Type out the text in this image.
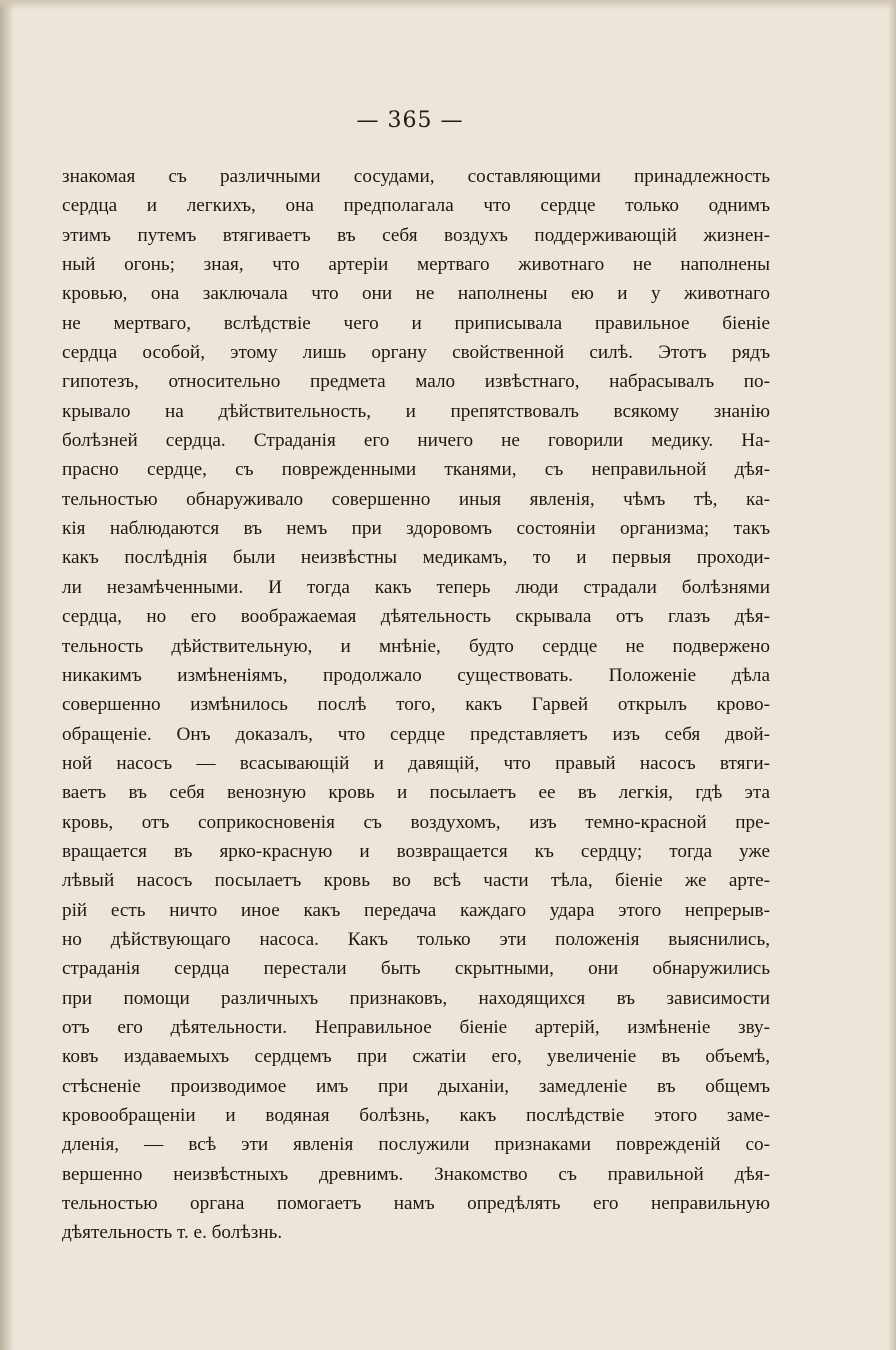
— 365 —
знакомая съ различными сосудами, составляющими принадлежность
сердца и легкихъ, она предполагала что сердце только однимъ
этимъ путемъ втягиваетъ въ себя воздухъ поддерживающій жизнен-
ный огонь; зная, что артеріи мертваго животнаго не наполнены
кровью, она заключала что они не наполнены ею и у животнаго
не мертваго, вслѣдствіе чего и приписывала правильное біеніе
сердца особой, этому лишь органу свойственной силѣ. Этотъ рядъ
гипотезъ, относительно предмета мало извѣстнаго, набрасывалъ по-
крывало на дѣйствительность, и препятствовалъ всякому знанію
болѣзней сердца. Страданія его ничего не говорили медику. На-
прасно сердце, съ поврежденными тканями, съ неправильной дѣя-
тельностью обнаруживало совершенно иныя явленія, чѣмъ тѣ, ка-
кія наблюдаются въ немъ при здоровомъ состояніи организма; такъ
какъ послѣднія были неизвѣстны медикамъ, то и первыя проходи-
ли незамѣченными. И тогда какъ теперь люди страдали болѣзнями
сердца, но его воображаемая дѣятельность скрывала отъ глазъ дѣя-
тельность дѣйствительную, и мнѣніе, будто сердце не подвержено
никакимъ измѣненіямъ, продолжало существовать. Положеніе дѣла
совершенно измѣнилось послѣ того, какъ Гарвей открылъ крово-
обращеніе. Онъ доказалъ, что сердце представляетъ изъ себя двой-
ной насосъ — всасывающій и давящій, что правый насосъ втяги-
ваетъ въ себя венозную кровь и посылаетъ ее въ легкія, гдѣ эта
кровь, отъ соприкосновенія съ воздухомъ, изъ темно-красной пре-
вращается въ ярко-красную и возвращается къ сердцу; тогда уже
лѣвый насосъ посылаетъ кровь во всѣ части тѣла, біеніе же арте-
рій есть ничто иное какъ передача каждаго удара этого непрерыв-
но дѣйствующаго насоса. Какъ только эти положенія выяснились,
страданія сердца перестали быть скрытными, они обнаружились
при помощи различныхъ признаковъ, находящихся въ зависимости
отъ его дѣятельности. Неправильное біеніе артерій, измѣненіе зву-
ковъ издаваемыхъ сердцемъ при сжатіи его, увеличеніе въ объемѣ,
стѣсненіе производимое имъ при дыханіи, замедленіе въ общемъ
кровообращеніи и водяная болѣзнь, какъ послѣдствіе этого заме-
дленія, — всѣ эти явленія послужили признаками поврежденій со-
вершенно неизвѣстныхъ древнимъ. Знакомство съ правильной дѣя-
тельностью органа помогаетъ намъ опредѣлять его неправильную
дѣятельность т. е. болѣзнь.
